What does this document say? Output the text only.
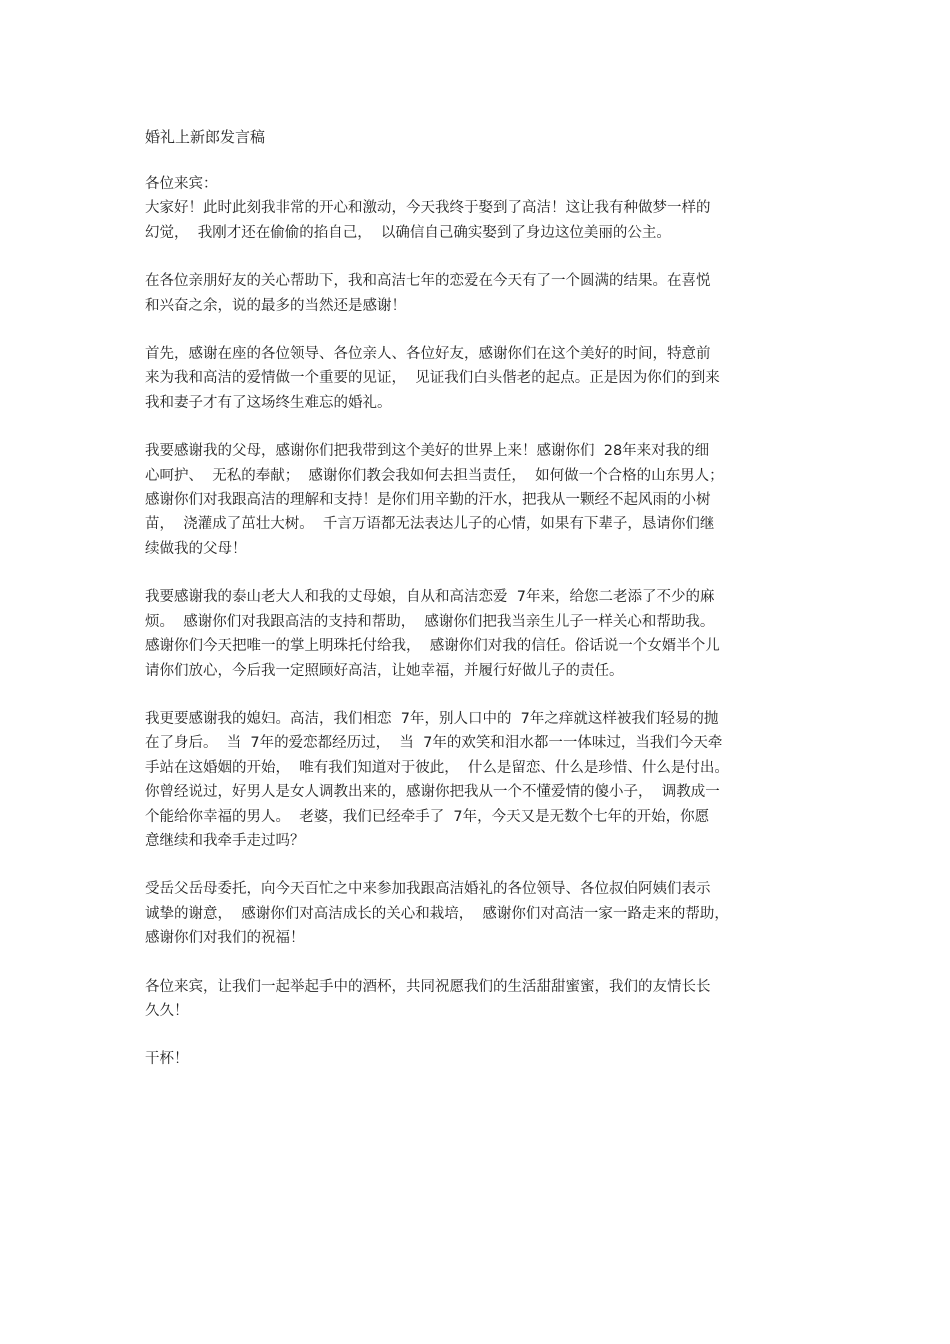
婚礼上新郎发言稿
各位来宾：
大家好！此时此刻我非常的开心和激动，今天我终于娶到了高洁！这让我有种做梦一样的
幻觉，  我刚才还在偷偷的掐自己，  以确信自己确实娶到了身边这位美丽的公主。
在各位亲朋好友的关心帮助下，我和高洁七年的恋爱在今天有了一个圆满的结果。在喜悦
和兴奋之余，说的最多的当然还是感谢！
首先，感谢在座的各位领导、各位亲人、各位好友，感谢你们在这个美好的时间，特意前
来为我和高洁的爱情做一个重要的见证，  见证我们白头偕老的起点。正是因为你们的到来
我和妻子才有了这场终生难忘的婚礼。
我要感谢我的父母，感谢你们把我带到这个美好的世界上来！感谢你们  28年来对我的细
心呵护、  无私的奉献；  感谢你们教会我如何去担当责任，  如何做一个合格的山东男人；
感谢你们对我跟高洁的理解和支持！是你们用辛勤的汗水，把我从一颗经不起风雨的小树
苗，  浇灌成了茁壮大树。  千言万语都无法表达儿子的心情，如果有下辈子，恳请你们继
续做我的父母！
我要感谢我的泰山老大人和我的丈母娘，自从和高洁恋爱  7年来，给您二老添了不少的麻
烦。  感谢你们对我跟高洁的支持和帮助，  感谢你们把我当亲生儿子一样关心和帮助我。
感谢你们今天把唯一的掌上明珠托付给我，  感谢你们对我的信任。俗话说一个女婿半个儿
请你们放心，今后我一定照顾好高洁，让她幸福，并履行好做儿子的责任。
我更要感谢我的媳妇。高洁，我们相恋  7年，别人口中的  7年之痒就这样被我们轻易的抛
在了身后。  当  7年的爱恋都经历过，  当  7年的欢笑和泪水都一一体味过，当我们今天牵
手站在这婚姻的开始，  唯有我们知道对于彼此，  什么是留恋、什么是珍惜、什么是付出。
你曾经说过，好男人是女人调教出来的，感谢你把我从一个不懂爱情的傻小子，  调教成一
个能给你幸福的男人。  老婆，我们已经牵手了  7年，今天又是无数个七年的开始，你愿
意继续和我牵手走过吗？
受岳父岳母委托，向今天百忙之中来参加我跟高洁婚礼的各位领导、各位叔伯阿姨们表示
诚挚的谢意，  感谢你们对高洁成长的关心和栽培，  感谢你们对高洁一家一路走来的帮助，
感谢你们对我们的祝福！
各位来宾，让我们一起举起手中的酒杯，共同祝愿我们的生活甜甜蜜蜜，我们的友情长长
久久！
干杯！
